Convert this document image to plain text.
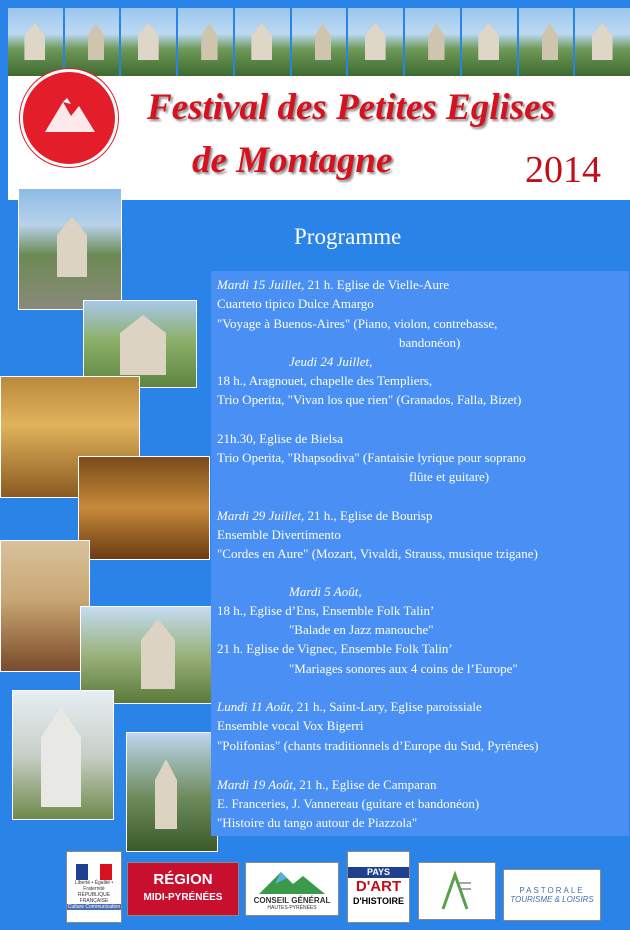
Festival des Petites Eglises
de Montagne	2014
Programme
Mardi 15 Juillet, 21 h. Eglise de Vielle-Aure
Cuarteto tipico Dulce Amargo
"Voyage à Buenos-Aires" (Piano, violon, contrebasse,
bandonéon)
Jeudi 24 Juillet,
18 h., Aragnouet, chapelle des Templiers,
Trio Operita, "Vivan los que rien" (Granados, Falla, Bizet)
21h.30, Eglise de Bielsa
Trio Operita, "Rhapsodiva" (Fantaisie lyrique pour soprano
flûte et guitare)
Mardi 29 Juillet, 21 h., Eglise de Bourisp
Ensemble Divertimento
"Cordes en Aure" (Mozart, Vivaldi, Strauss, musique tzigane)
Mardi 5 Août,
18 h., Eglise d’Ens, Ensemble Folk Talin’
"Balade en Jazz manouche"
21 h. Eglise de Vignec, Ensemble Folk Talin’
"Mariages sonores aux 4 coins de l’Europe"
Lundi 11 Août, 21 h., Saint-Lary, Eglise paroissiale
Ensemble vocal Vox Bigerri
"Polifonias" (chants traditionnels d’Europe du Sud, Pyrénées)
Mardi 19 Août, 21 h., Eglise de Camparan
E. Franceries, J. Vannereau (guitare et bandonéon)
"Histoire du tango autour de Piazzola"
Liberté • Égalité • Fraternité RÉPUBLIQUE FRANÇAISE
Culture Communication
RÉGION
MIDI-PYRÉNÉES	CONSEIL GÉNÉRAL
HAUTES-PYRÉNÉES
PAYS
D'ART
D'HISTOIRE
PASTORALE
TOURISME & LOISIRS
